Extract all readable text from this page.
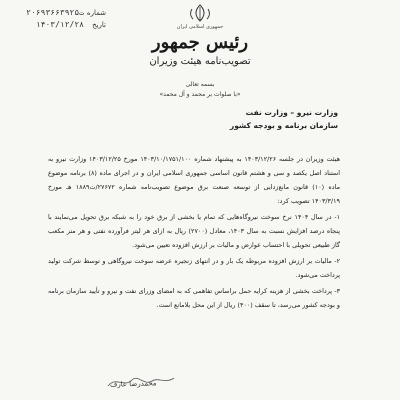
شماره
۲۰۶۹۳۶ت۶۳۹۲۵
تاریخ
۱۴۰۳/۱۲/۲۸	جمهوری اسلامی ایران
رئیس جمهور
تصویب‌نامه هیئت وزیران
بسمه تعالی
«با صلوات بر محمد و آل محمد»
وزارت نیرو – وزارت نفت
سازمان برنامه و بودجه کشور

هیئت وزیران در جلسه ۱۴۰۳/۱۲/۲۶ به پیشنهاد شماره ۱۴۰۳/۱۰/۱۷۵۱/۱۰۰ مورخ ۱۴۰۳/۱۲/۲۵ وزارت نیرو به استناد اصل یکصد و سی و هشتم قانون اساسی جمهوری اسلامی ایران و در اجرای ماده (۸) برنامه موضوع ماده (۱۰) قانون مانع‌زدایی از توسعه صنعت برق موضوع تصویب‌نامه شماره ۲۷۶۷۲/ت۱۸۸۹ هـ مورخ ۱۴۰۳/۳/۱۹ تصویب کرد:

۱- در سال ۱۴۰۴ نرخ سوخت نیروگاه‌هایی که تمام یا بخشی از برق خود را به شبکه برق تحویل می‌نمایند با پنجاه درصد افزایش نسبت به سال ۱۴۰۳، معادل (۲۷۰۰) ریال به ازای هر لیتر فرآورده نفتی و هر متر مکعب گاز طبیعی تحویلی با احتساب عوارض و مالیات بر ارزش افزوده تعیین می‌شود.

۲- مالیات بر ارزش افزوده مربوطه یک بار و در انتهای زنجیره عرضه سوخت نیروگاهی و توسط شرکت تولید پرداخت می‌شود.

۳- پرداخت بخشی از هزینه کرایه حمل براساس تفاهمی که به امضای وزرای نفت و نیرو و تأیید سازمان برنامه و بودجه کشور می‌رسد، تا سقف (۴۰۰) ریال از این محل بلامانع است.

محمدرضا عارف
